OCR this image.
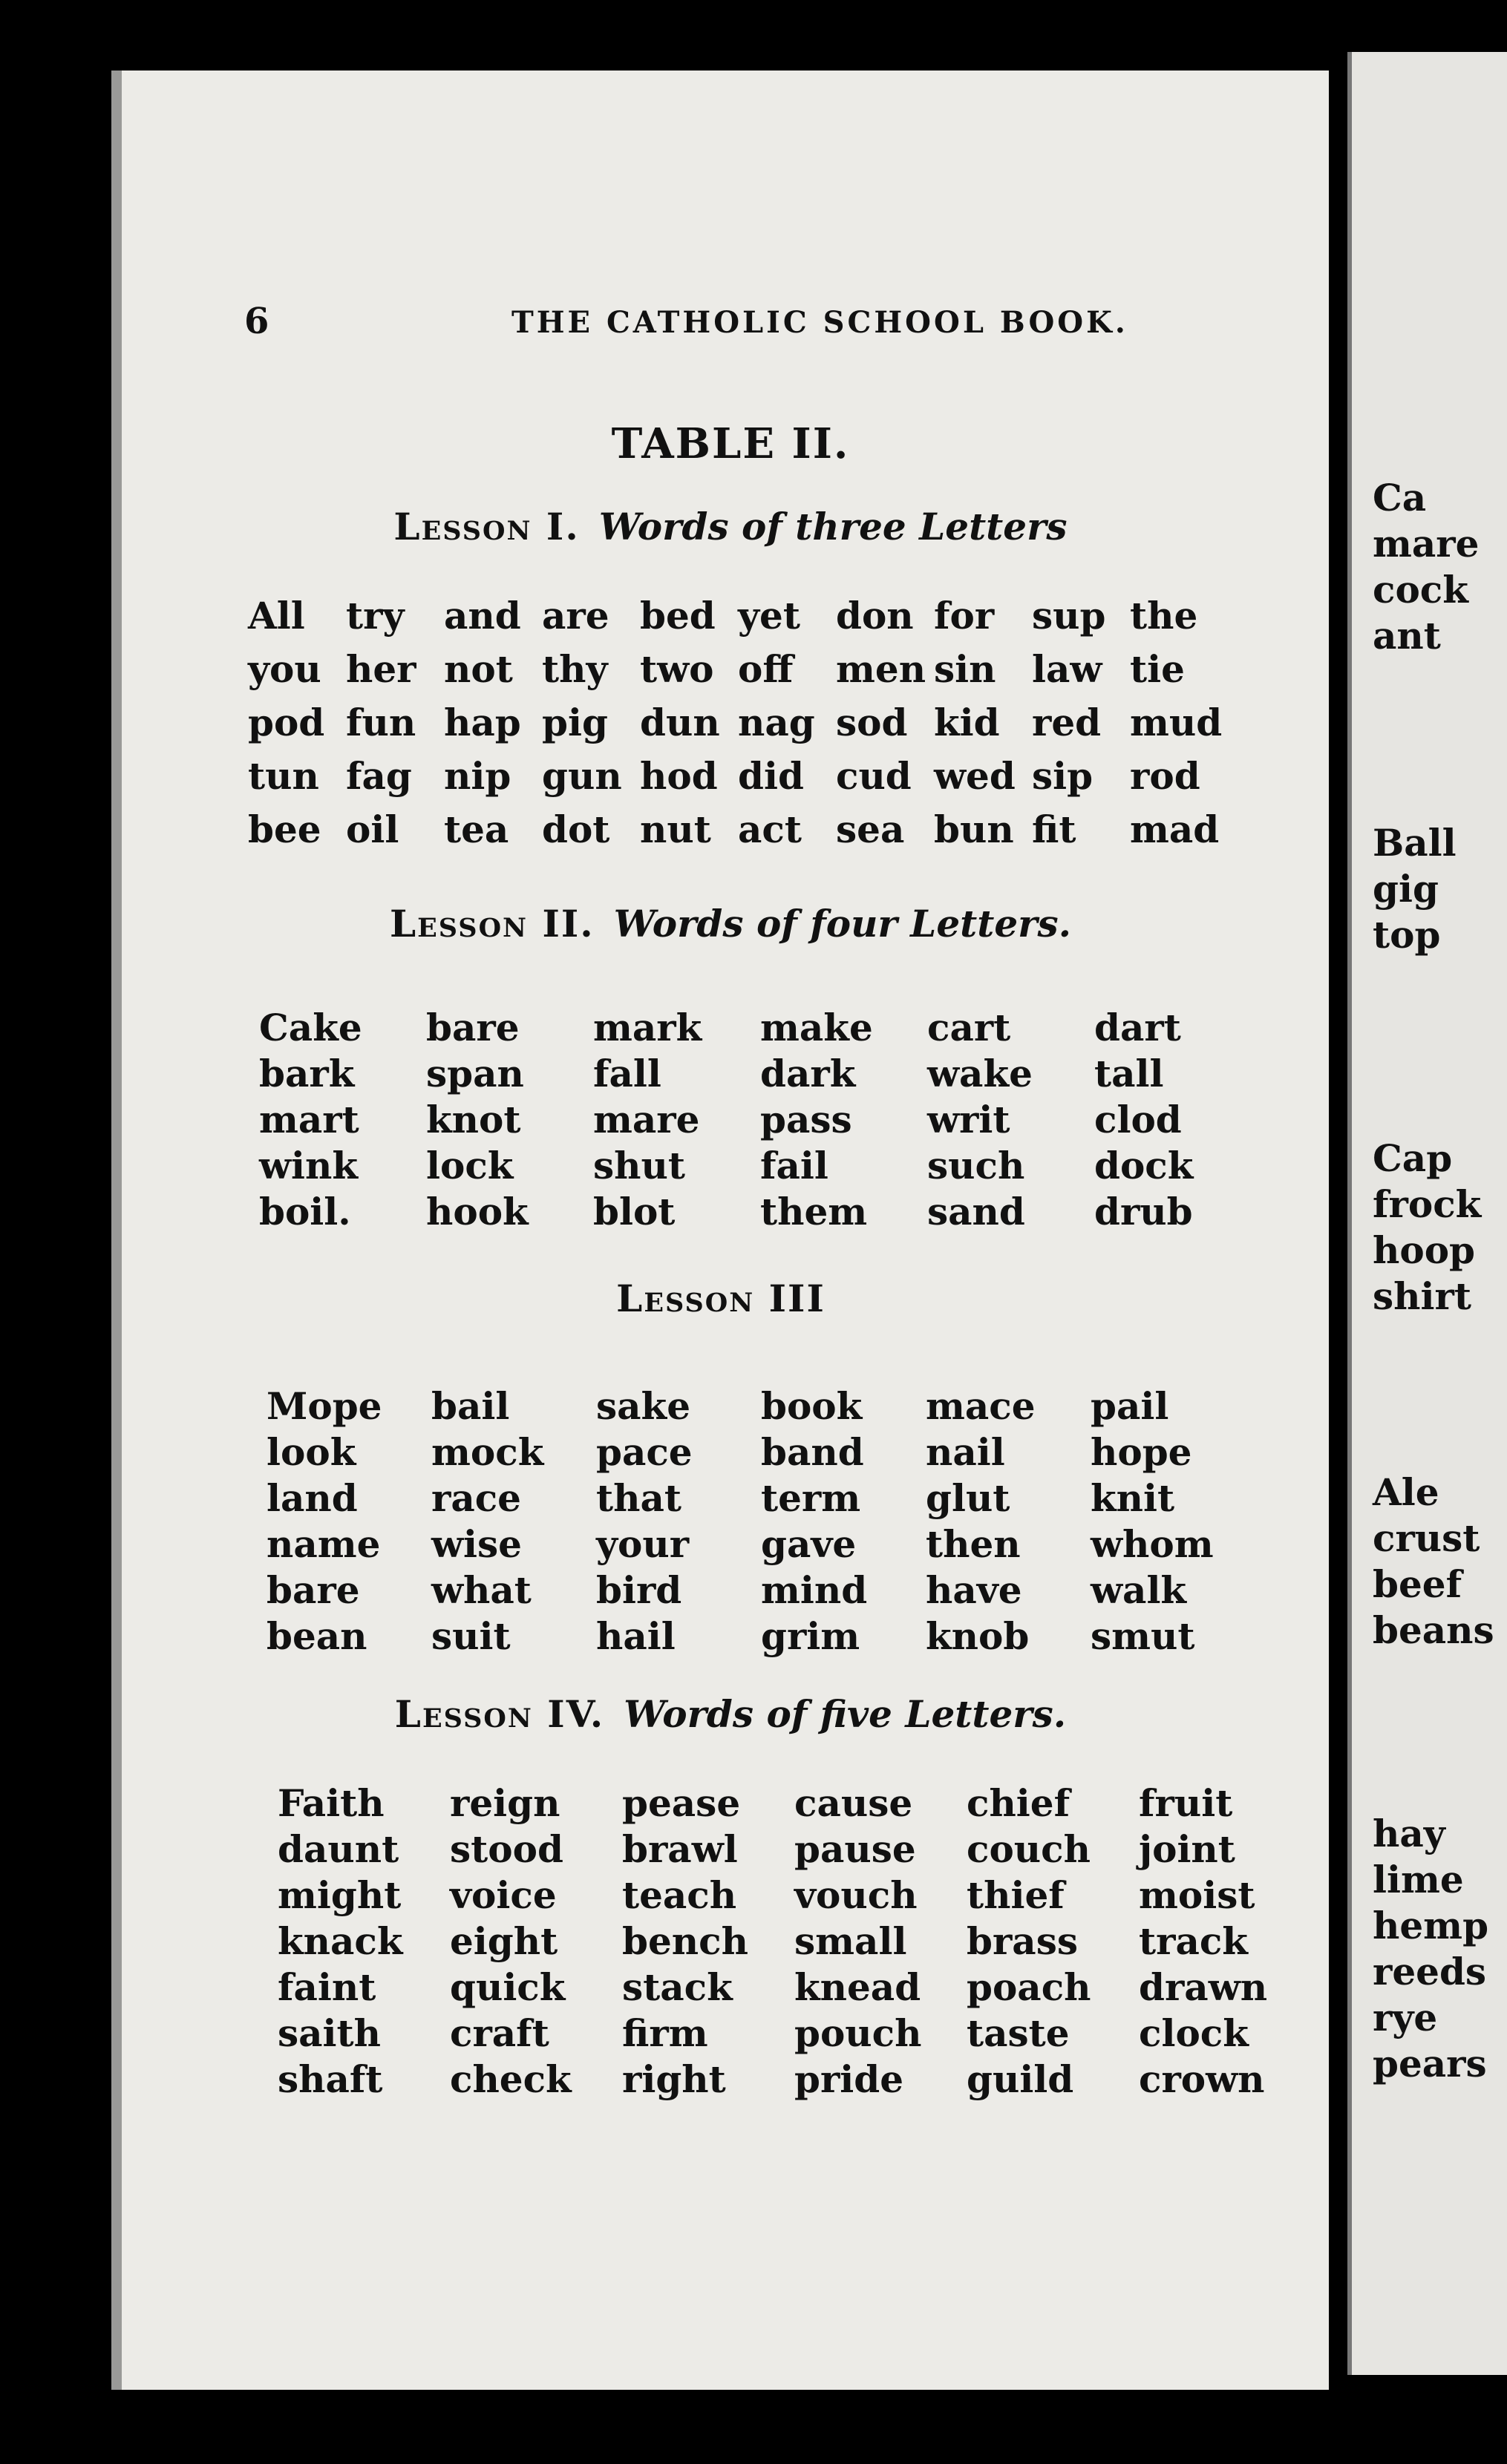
6	THE CATHOLIC SCHOOL BOOK.
TABLE II.
Lesson I. Words of three Letters
All	try	and are bed yet don for	sup the
you her not thy two off	men sin law tie
pod fun hap pig dun nag sod kid red mud
tun fag nip gun hod did cud wed sip rod
bee oil	tea dot nut act sea bun fit	mad
Lesson II. Words of four Letters.
Cake	bare	mark	make	cart	dart
bark	span	fall	dark	wake	tall
mart	knot	mare	pass	writ	clod
wink	lock	shut	fail	such	dock
boil.	hook	blot	them	sand	drub
Lesson III
Mope	bail	sake	book	mace	pail
look	mock	pace	band	nail	hope
land	race	that	term	glut	knit
name	wise	your	gave	then	whom
bare	what	bird	mind	have	walk
bean	suit	hail	grim	knob	smut
Lesson IV. Words of five Letters.
Faith	reign	pease	cause	chief	fruit
daunt	stood	brawl	pause	couch	joint
might	voice	teach	vouch	thief	moist
knack	eight	bench	small	brass	track
faint	quick	stack	knead	poach	drawn
saith	craft	firm	pouch	taste	clock
shaft	check	right	pride	guild	crown
Ca
mare
cock
ant
Ball
gig
top
Cap
frock
hoop
shirt
Ale
crust
beef
beans
hay
lime
hemp
reeds
rye
pears
